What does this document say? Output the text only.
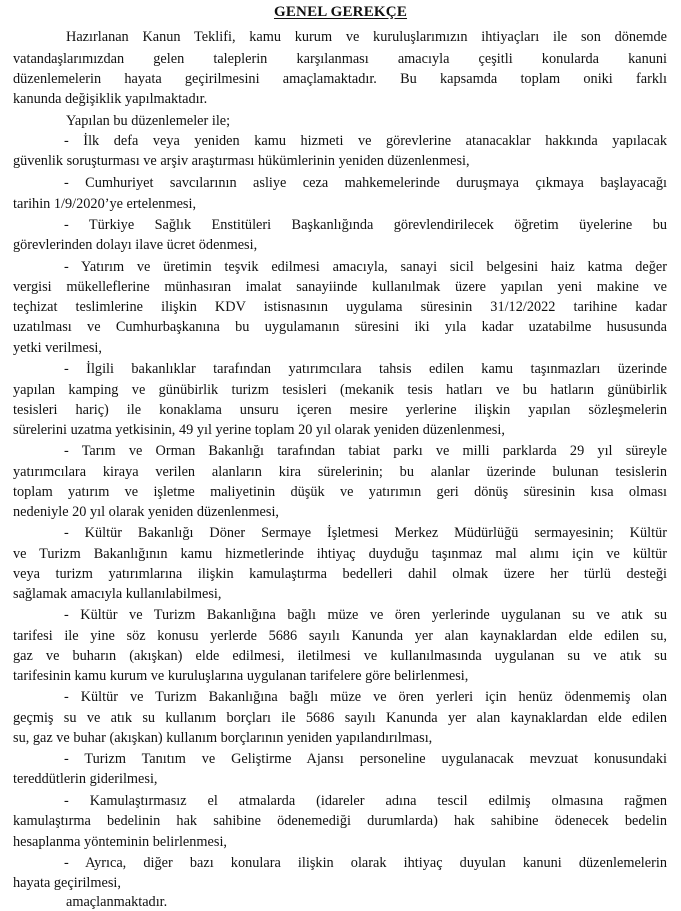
GENEL GEREKÇE
Hazırlanan Kanun Teklifi, kamu kurum ve kuruluşlarımızın ihtiyaçları ile son dönemde
vatandaşlarımızdan gelen taleplerin karşılanması amacıyla çeşitli konularda kanuni
düzenlemelerin hayata geçirilmesini amaçlamaktadır. Bu kapsamda toplam oniki farklı
kanunda değişiklik yapılmaktadır.
Yapılan bu düzenlemeler ile;
- İlk defa veya yeniden kamu hizmeti ve görevlerine atanacaklar hakkında yapılacak
güvenlik soruşturması ve arşiv araştırması hükümlerinin yeniden düzenlenmesi,
- Cumhuriyet savcılarının asliye ceza mahkemelerinde duruşmaya çıkmaya başlayacağı
tarihin 1/9/2020’ye ertelenmesi,
- Türkiye Sağlık Enstitüleri Başkanlığında görevlendirilecek öğretim üyelerine bu
görevlerinden dolayı ilave ücret ödenmesi,
- Yatırım ve üretimin teşvik edilmesi amacıyla, sanayi sicil belgesini haiz katma değer
vergisi mükelleflerine münhasıran imalat sanayiinde kullanılmak üzere yapılan yeni makine ve
teçhizat teslimlerine ilişkin KDV istisnasının uygulama süresinin 31/12/2022 tarihine kadar
uzatılması ve Cumhurbaşkanına bu uygulamanın süresini iki yıla kadar uzatabilme hususunda
yetki verilmesi,
- İlgili bakanlıklar tarafından yatırımcılara tahsis edilen kamu taşınmazları üzerinde
yapılan kamping ve günübirlik turizm tesisleri (mekanik tesis hatları ve bu hatların günübirlik
tesisleri hariç) ile konaklama unsuru içeren mesire yerlerine ilişkin yapılan sözleşmelerin
sürelerini uzatma yetkisinin, 49 yıl yerine toplam 20 yıl olarak yeniden düzenlenmesi,
- Tarım ve Orman Bakanlığı tarafından tabiat parkı ve milli parklarda 29 yıl süreyle
yatırımcılara kiraya verilen alanların kira sürelerinin; bu alanlar üzerinde bulunan tesislerin
toplam yatırım ve işletme maliyetinin düşük ve yatırımın geri dönüş süresinin kısa olması
nedeniyle 20 yıl olarak yeniden düzenlenmesi,
- Kültür Bakanlığı Döner Sermaye İşletmesi Merkez Müdürlüğü sermayesinin; Kültür
ve Turizm Bakanlığının kamu hizmetlerinde ihtiyaç duyduğu taşınmaz mal alımı için ve kültür
veya turizm yatırımlarına ilişkin kamulaştırma bedelleri dahil olmak üzere her türlü desteği
sağlamak amacıyla kullanılabilmesi,
- Kültür ve Turizm Bakanlığına bağlı müze ve ören yerlerinde uygulanan su ve atık su
tarifesi ile yine söz konusu yerlerde 5686 sayılı Kanunda yer alan kaynaklardan elde edilen su,
gaz ve buharın (akışkan) elde edilmesi, iletilmesi ve kullanılmasında uygulanan su ve atık su
tarifesinin kamu kurum ve kuruluşlarına uygulanan tarifelere göre belirlenmesi,
- Kültür ve Turizm Bakanlığına bağlı müze ve ören yerleri için henüz ödenmemiş olan
geçmiş su ve atık su kullanım borçları ile 5686 sayılı Kanunda yer alan kaynaklardan elde edilen
su, gaz ve buhar (akışkan) kullanım borçlarının yeniden yapılandırılması,
- Turizm Tanıtım ve Geliştirme Ajansı personeline uygulanacak mevzuat konusundaki
tereddütlerin giderilmesi,
- Kamulaştırmasız el atmalarda (idareler adına tescil edilmiş olmasına rağmen
kamulaştırma bedelinin hak sahibine ödenemediği durumlarda) hak sahibine ödenecek bedelin
hesaplanma yönteminin belirlenmesi,
- Ayrıca, diğer bazı konulara ilişkin olarak ihtiyaç duyulan kanuni düzenlemelerin
hayata geçirilmesi,
amaçlanmaktadır.
